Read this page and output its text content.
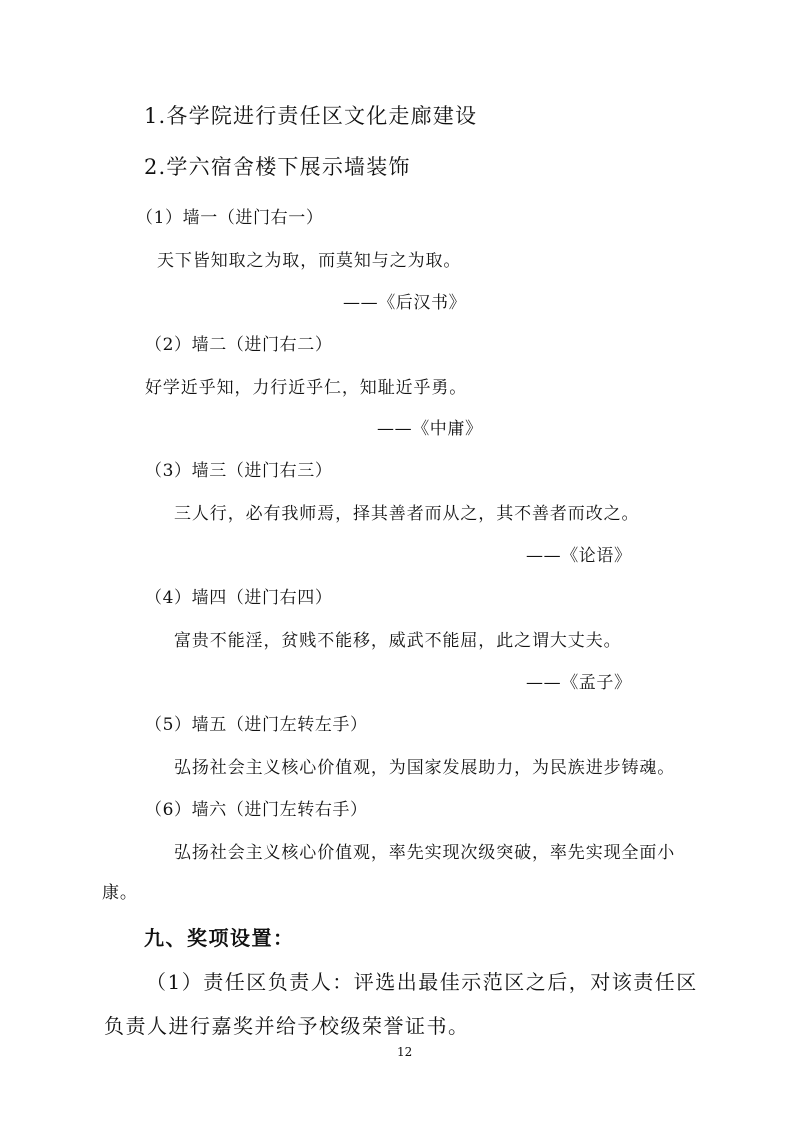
1.各学院进行责任区文化走廊建设
2.学六宿舍楼下展示墙装饰
（1）墙一（进门右一）
天下皆知取之为取，而莫知与之为取。
——《后汉书》
（2）墙二（进门右二）
好学近乎知，力行近乎仁，知耻近乎勇。
——《中庸》
（3）墙三（进门右三）
三人行，必有我师焉，择其善者而从之，其不善者而改之。
——《论语》
（4）墙四（进门右四）
富贵不能淫，贫贱不能移，威武不能屈，此之谓大丈夫。
——《孟子》
（5）墙五（进门左转左手）
弘扬社会主义核心价值观，为国家发展助力，为民族进步铸魂。
（6）墙六（进门左转右手）
弘扬社会主义核心价值观，率先实现次级突破，率先实现全面小
康。
九、奖项设置：
（1）责任区负责人：评选出最佳示范区之后，对该责任区
负责人进行嘉奖并给予校级荣誉证书。
12
